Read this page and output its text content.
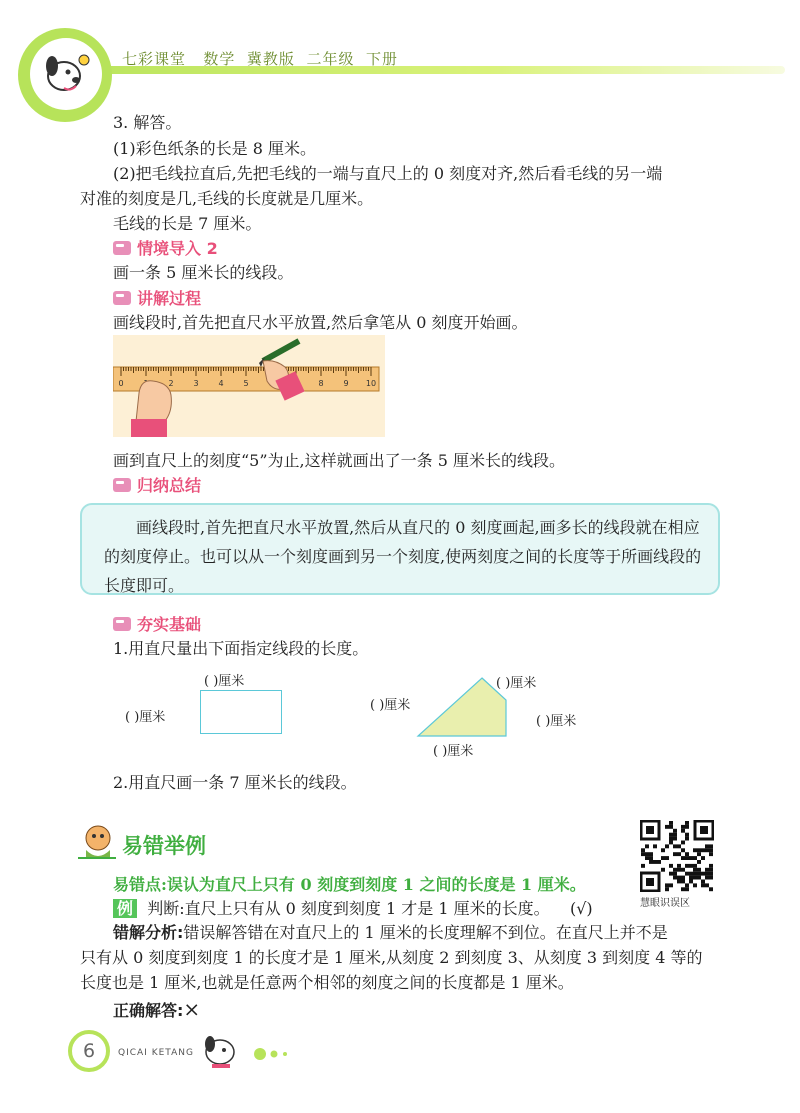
七彩课堂 数学 冀教版 二年级 下册
3. 解答。
(1)彩色纸条的长是 8 厘米。
(2)把毛线拉直后,先把毛线的一端与直尺上的 0 刻度对齐,然后看毛线的另一端
对准的刻度是几,毛线的长度就是几厘米。
毛线的长是 7 厘米。
情境导入 2
画一条 5 厘米长的线段。
讲解过程
画线段时,首先把直尺水平放置,然后拿笔从 0 刻度开始画。
0	2 3 4 5	8 9 10
画到直尺上的刻度“5”为止,这样就画出了一条 5 厘米长的线段。
归纳总结
画线段时,首先把直尺水平放置,然后从直尺的 0 刻度画起,画多长的线段就在相应的刻度停止。也可以从一个刻度画到另一个刻度,使两刻度之间的长度等于所画线段的长度即可。
夯实基础
1.用直尺量出下面指定线段的长度。
( )厘米
( )厘米
( )厘米
( )厘米
( )厘米
( )厘米
2.用直尺画一条 7 厘米长的线段。
易错举例
慧眼识误区
易错点:误认为直尺上只有 0 刻度到刻度 1 之间的长度是 1 厘米。
例 判断:直尺上只有从 0 刻度到刻度 1 才是 1 厘米的长度。 (√)
错解分析:错误解答错在对直尺上的 1 厘米的长度理解不到位。在直尺上并不是
只有从 0 刻度到刻度 1 的长度才是 1 厘米,从刻度 2 到刻度 3、从刻度 3 到刻度 4 等的
长度也是 1 厘米,也就是任意两个相邻的刻度之间的长度都是 1 厘米。
正确解答:×
6	QICAI KETANG
